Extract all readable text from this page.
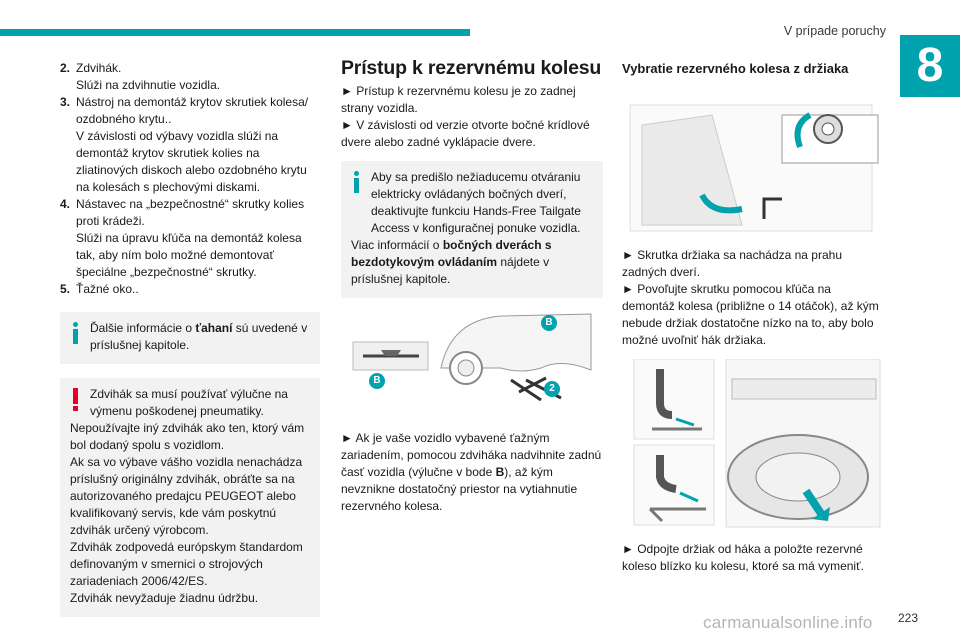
V prípade poruchy
8
2. Zdvihák.
Slúži na zdvihnutie vozidla.
3. Nástroj na demontáž krytov skrutiek kolesa/ ozdobného krytu..
V závislosti od výbavy vozidla slúži na demontáž krytov skrutiek kolies na zliatinových diskoch alebo ozdobného krytu na kolesách s plechovými diskami.
4. Nástavec na „bezpečnostné“ skrutky kolies proti krádeži.
Slúži na úpravu kľúča na demontáž kolesa tak, aby ním bolo možné demontovať špeciálne „bezpečnostné“ skrutky.
5. Ťažné oko..

Ďalšie informácie o ťahaní sú uvedené v príslušnej kapitole.

Zdvihák sa musí používať výlučne na výmenu poškodenej pneumatiky.

Nepoužívajte iný zdvihák ako ten, ktorý vám bol dodaný spolu s vozidlom.

Ak sa vo výbave vášho vozidla nenachádza príslušný originálny zdvihák, obráťte sa na autorizovaného predajcu PEUGEOT alebo kvalifikovaný servis, kde vám poskytnú zdvihák určený výrobcom.

Zdvihák zodpovedá európskym štandardom definovaným v smernici o strojových zariadeniach 2006/42/ES.

Zdvihák nevyžaduje žiadnu údržbu.

Prístup k rezervnému kolesu

► Prístup k rezervnému kolesu je zo zadnej strany vozidla.

► V závislosti od verzie otvorte bočné krídlové dvere alebo zadné vyklápacie dvere.

Aby sa predišlo nežiaducemu otváraniu elektricky ovládaných bočných dverí, deaktivujte funkciu Hands-Free Tailgate Access v konfiguračnej ponuke vozidla.

Viac informácií o bočných dverách s bezdotykovým ovládaním nájdete v príslušnej kapitole.

B
B
2

► Ak je vaše vozidlo vybavené ťažným zariadením, pomocou zdviháka nadvihnite zadnú časť vozidla (výlučne v bode B), až kým nevznikne dostatočný priestor na vytiahnutie rezervného kolesa.

Vybratie rezervného kolesa z držiaka

► Skrutka držiaka sa nachádza na prahu zadných dverí.

► Povoľujte skrutku pomocou kľúča na demontáž kolesa (približne o 14 otáčok), až kým nebude držiak dostatočne nízko na to, aby bolo možné uvoľniť hák držiaka.

► Odpojte držiak od háka a položte rezervné koleso blízko ku kolesu, ktoré sa má vymeniť.

carmanualsonline.info 223
